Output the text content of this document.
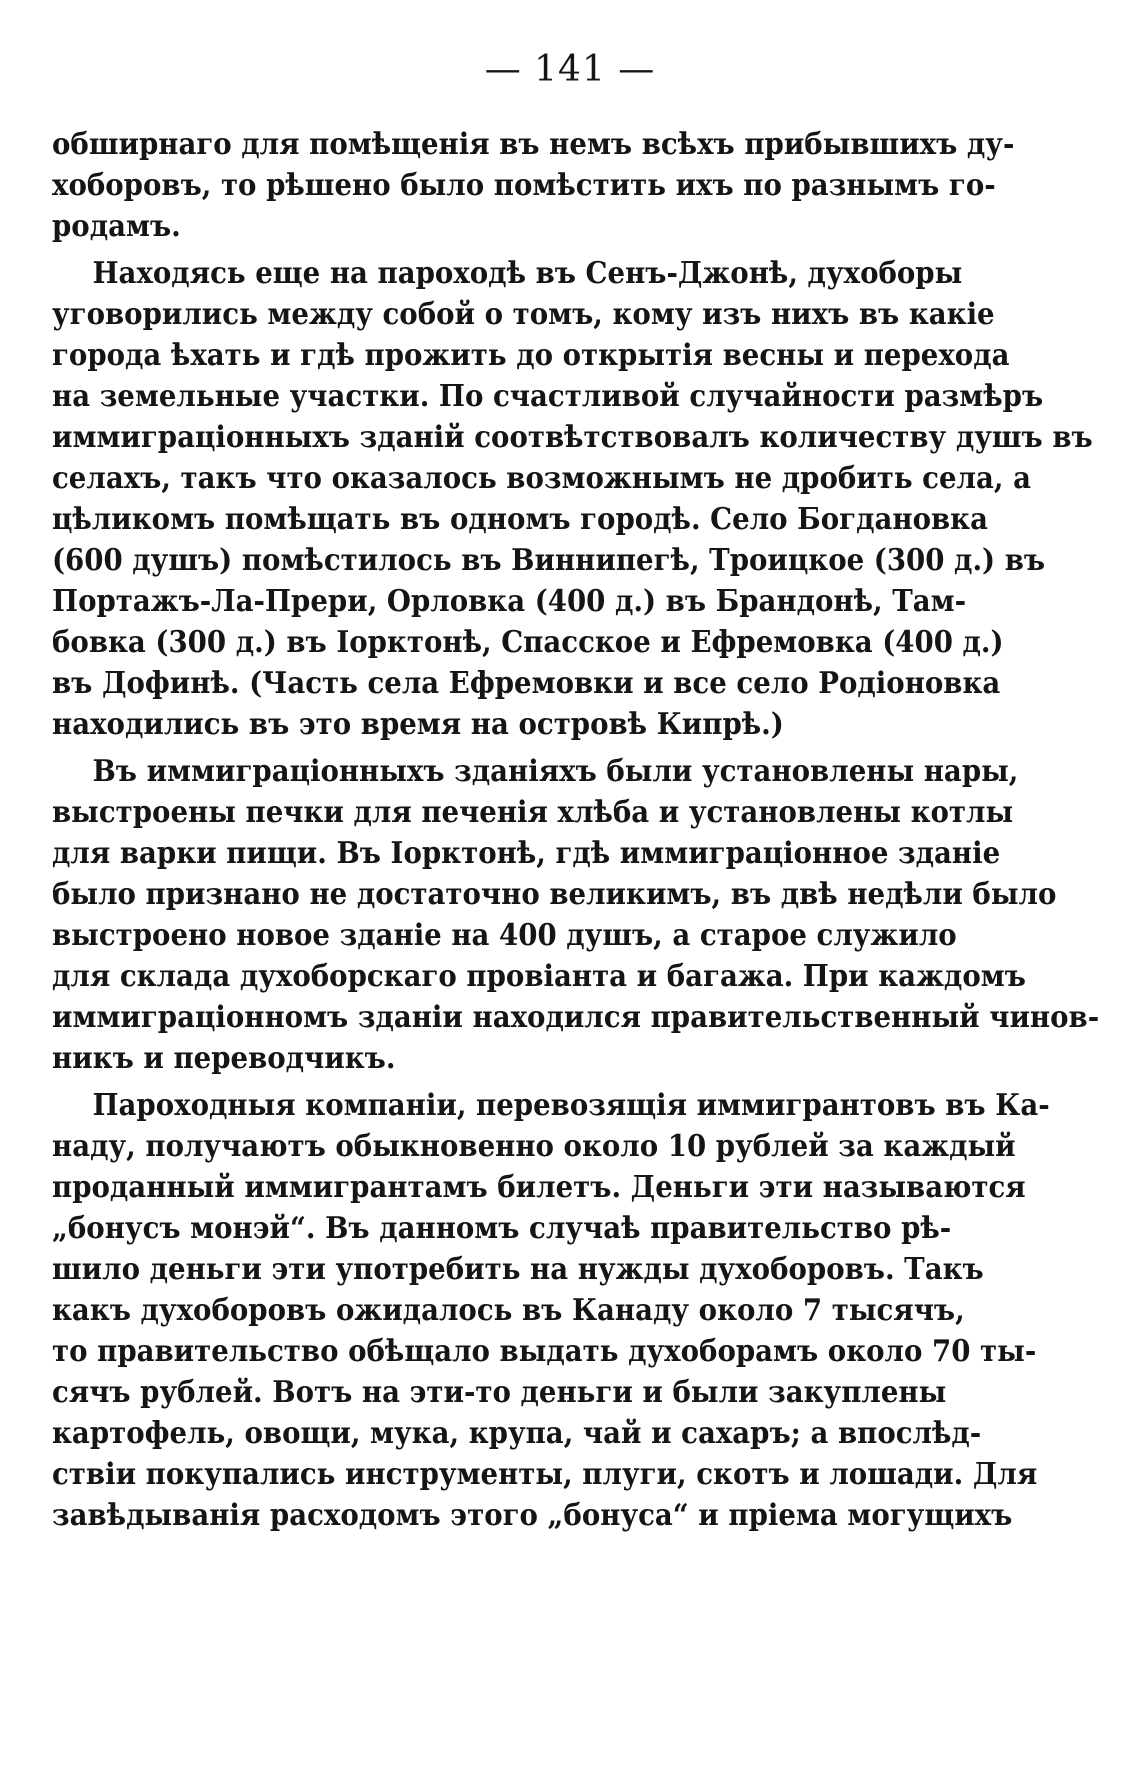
— 141 —
обширнаго для помѣщенія въ немъ всѣхъ прибывшихъ ду-
хоборовъ, то рѣшено было помѣстить ихъ по разнымъ го-
родамъ.
Находясь еще на пароходѣ въ Сенъ-Джонѣ, духоборы
уговорились между собой о томъ, кому изъ нихъ въ какіе
города ѣхать и гдѣ прожить до открытія весны и перехода
на земельные участки. По счастливой случайности размѣръ
иммиграціонныхъ зданій соотвѣтствовалъ количеству душъ въ
селахъ, такъ что оказалось возможнымъ не дробить села, а
цѣликомъ помѣщать въ одномъ городѣ. Село Богдановка
(600 душъ) помѣстилось въ Виннипегѣ, Троицкое (300 д.) въ
Портажъ-Ла-Прери, Орловка (400 д.) въ Брандонѣ, Там-
бовка (300 д.) въ Іорктонѣ, Спасское и Ефремовка (400 д.)
въ Дофинѣ. (Часть села Ефремовки и все село Родіоновка
находились въ это время на островѣ Кипрѣ.)
Въ иммиграціонныхъ зданіяхъ были установлены нары,
выстроены печки для печенія хлѣба и установлены котлы
для варки пищи. Въ Іорктонѣ, гдѣ иммиграціонное зданіе
было признано не достаточно великимъ, въ двѣ недѣли было
выстроено новое зданіе на 400 душъ, а старое служило
для склада духоборскаго провіанта и багажа. При каждомъ
иммиграціонномъ зданіи находился правительственный чинов-
никъ и переводчикъ.
Пароходныя компаніи, перевозящія иммигрантовъ въ Ка-
наду, получаютъ обыкновенно около 10 рублей за каждый
проданный иммигрантамъ билетъ. Деньги эти называются
„бонусъ монэй“. Въ данномъ случаѣ правительство рѣ-
шило деньги эти употребить на нужды духоборовъ. Такъ
какъ духоборовъ ожидалось въ Канаду около 7 тысячъ,
то правительство обѣщало выдать духоборамъ около 70 ты-
сячъ рублей. Вотъ на эти-то деньги и были закуплены
картофель, овощи, мука, крупа, чай и сахаръ; а впослѣд-
ствіи покупались инструменты, плуги, скотъ и лошади. Для
завѣдыванія расходомъ этого „бонуса“ и пріема могущихъ
